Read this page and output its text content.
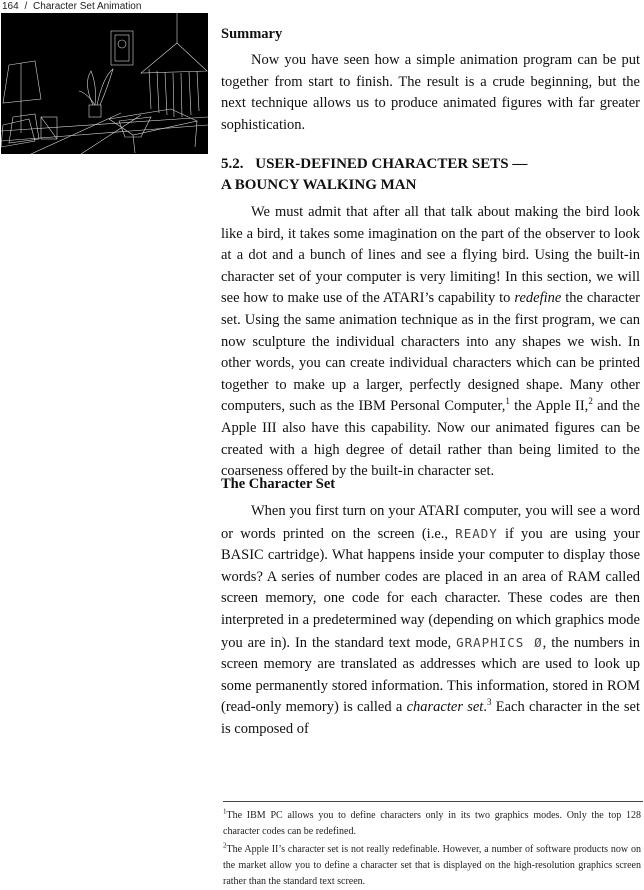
164 / Character Set Animation
Summary

Now you have seen how a simple animation program can be put together from start to finish. The result is a crude beginning, but the next technique allows us to produce animated figures with far greater sophistication.

5.2. USER-DEFINED CHARACTER SETS —
A BOUNCY WALKING MAN

We must admit that after all that talk about making the bird look like a bird, it takes some imagination on the part of the observer to look at a dot and a bunch of lines and see a flying bird. Using the built-in character set of your computer is very limiting! In this section, we will see how to make use of the ATARI’s capability to redefine the character set. Using the same animation technique as in the first program, we can now sculpture the individual characters into any shapes we wish. In other words, you can create individual characters which can be printed together to make up a larger, perfectly designed shape. Many other computers, such as the IBM Personal Computer,$^1$ the Apple II,$^2$ and the Apple III also have this capability. Now our animated figures can be created with a high degree of detail rather than being limited to the coarseness offered by the built-in character set.

The Character Set

When you first turn on your ATARI computer, you will see a word or words printed on the screen (i.e., READY if you are using your BASIC cartridge). What happens inside your computer to display those words? A series of number codes are placed in an area of RAM called screen memory, one code for each character. These codes are then interpreted in a predetermined way (depending on which graphics mode you are in). In the standard text mode, GRAPHICS Ø, the numbers in screen memory are translated as addresses which are used to look up some permanently stored information. This information, stored in ROM (read-only memory) is called a character set.$^3$ Each character in the set is composed of

$^1$The IBM PC allows you to define characters only in its two graphics modes. Only the top 128 character codes can be redefined.

$^2$The Apple II’s character set is not really redefinable. However, a number of software products now on the market allow you to define a character set that is displayed on the high-resolution graphics screen rather than the standard text screen.
